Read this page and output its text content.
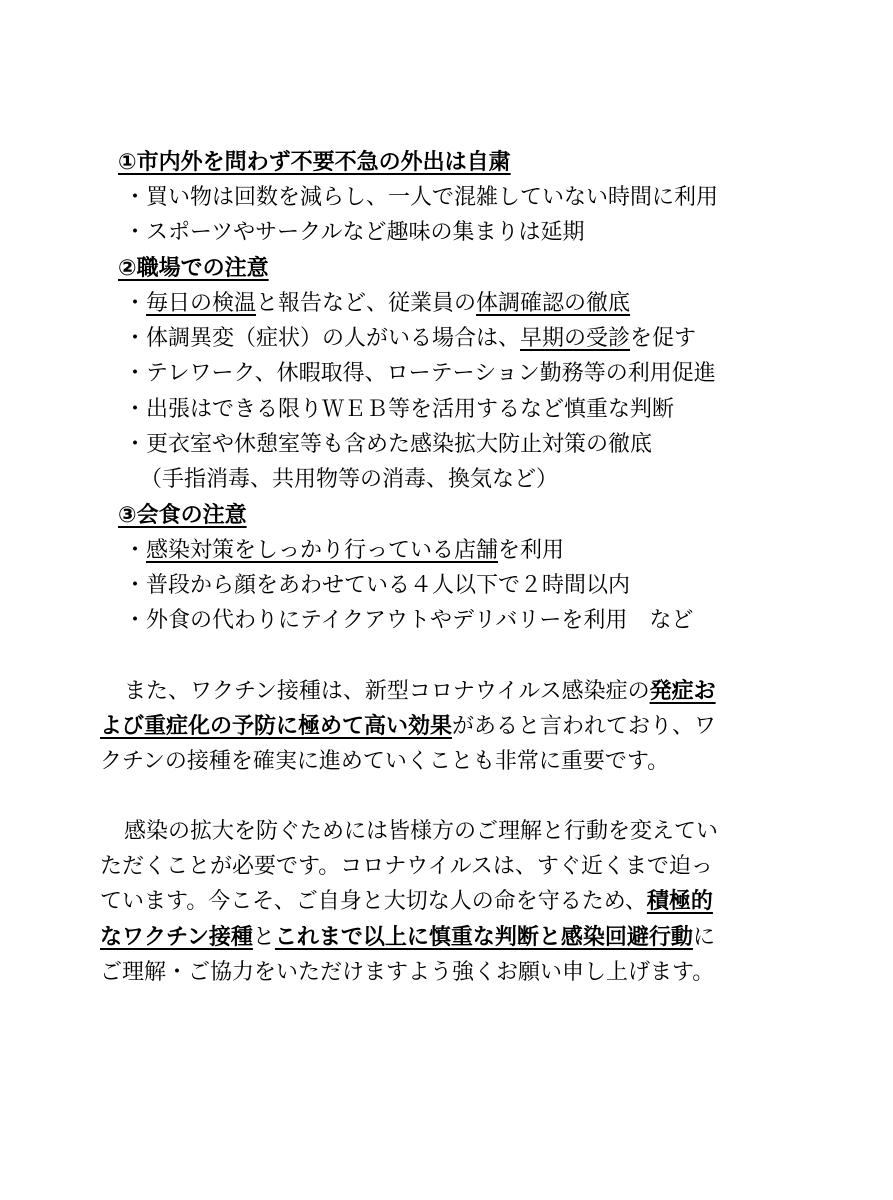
①市内外を問わず不要不急の外出は自粛
・買い物は回数を減らし、一人で混雑していない時間に利用
・スポーツやサークルなど趣味の集まりは延期
②職場での注意
・毎日の検温と報告など、従業員の体調確認の徹底
・体調異変（症状）の人がいる場合は、早期の受診を促す
・テレワーク、休暇取得、ローテーション勤務等の利用促進
・出張はできる限りＷＥＢ等を活用するなど慎重な判断
・更衣室や休憩室等も含めた感染拡大防止対策の徹底
（手指消毒、共用物等の消毒、換気など）
③会食の注意
・感染対策をしっかり行っている店舗を利用
・普段から顔をあわせている４人以下で２時間以内
・外食の代わりにテイクアウトやデリバリーを利用　など
また、ワクチン接種は、新型コロナウイルス感染症の発症お
よび重症化の予防に極めて高い効果があると言われており、ワ
クチンの接種を確実に進めていくことも非常に重要です。
感染の拡大を防ぐためには皆様方のご理解と行動を変えてい
ただくことが必要です。コロナウイルスは、すぐ近くまで迫っ
ています。今こそ、ご自身と大切な人の命を守るため、積極的
なワクチン接種とこれまで以上に慎重な判断と感染回避行動に
ご理解・ご協力をいただけますよう強くお願い申し上げます。
